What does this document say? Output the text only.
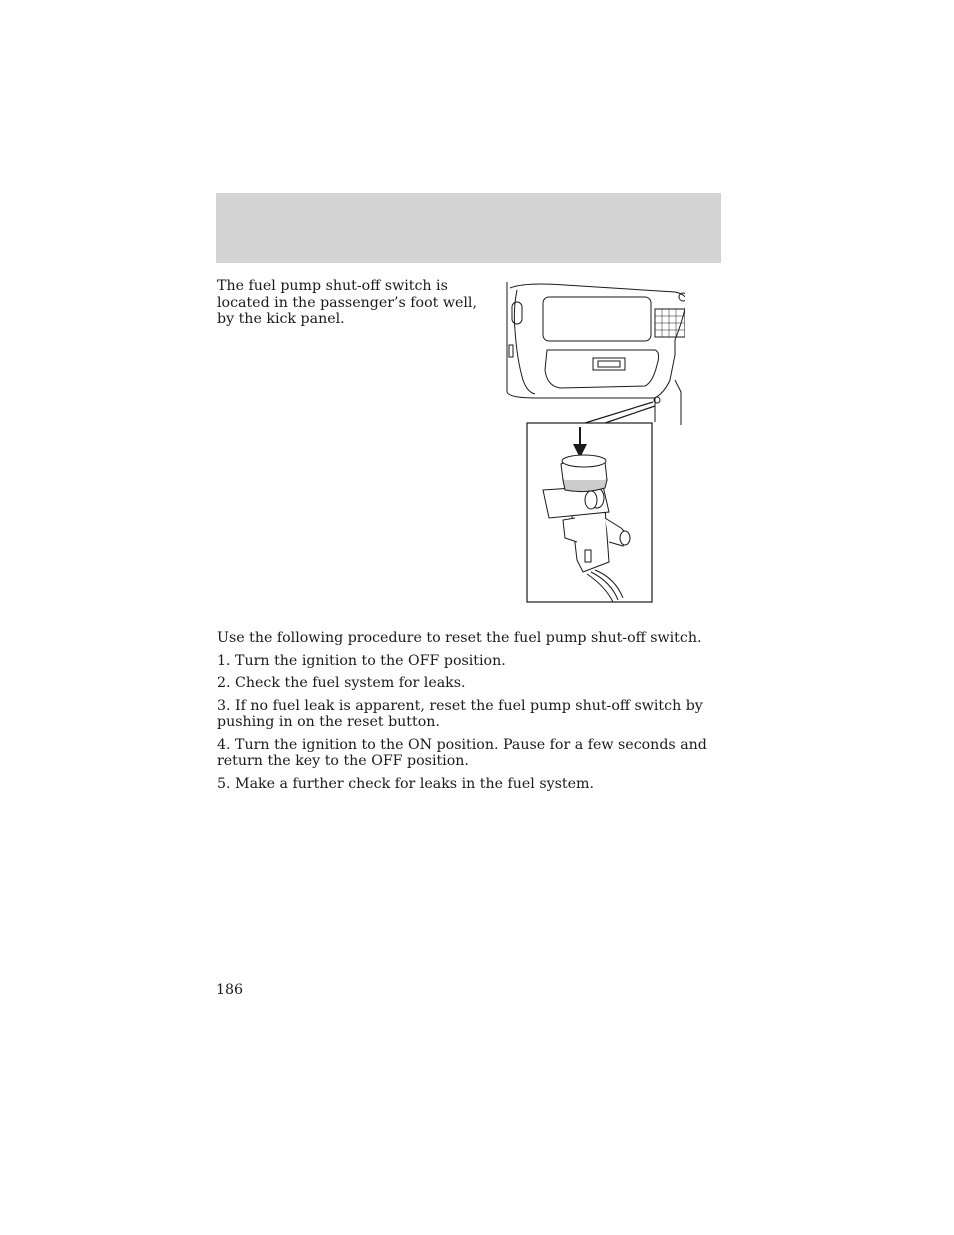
The fuel pump shut-off switch is located in the passenger’s foot well, by the kick panel.

Use the following procedure to reset the fuel pump shut-off switch.

1. Turn the ignition to the OFF position.

2. Check the fuel system for leaks.

3. If no fuel leak is apparent, reset the fuel pump shut-off switch by pushing in on the reset button.

4. Turn the ignition to the ON position. Pause for a few seconds and return the key to the OFF position.

5. Make a further check for leaks in the fuel system.

186
